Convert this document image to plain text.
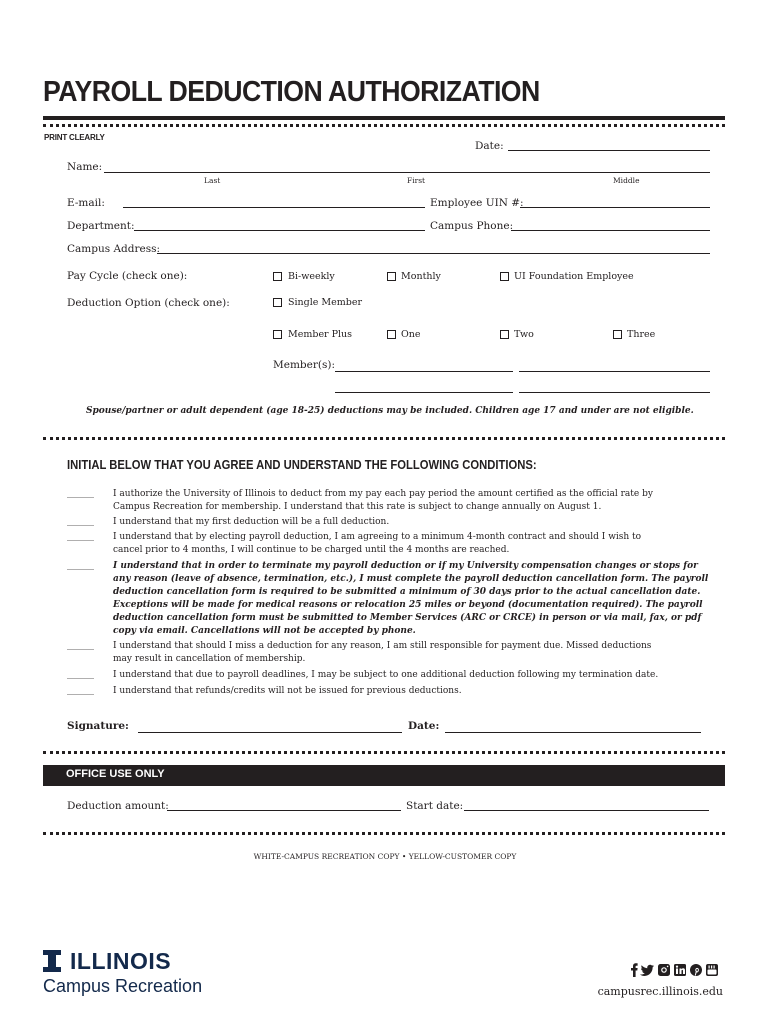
PAYROLL DEDUCTION AUTHORIZATION
PRINT CLEARLY
Date:
Name:
Last	First	Middle
E-mail:	Employee UIN #:
Department:	Campus Phone:
Campus Address:
Pay Cycle (check one):	Bi-weekly	Monthly	UI Foundation Employee
Deduction Option (check one):	Single Member
Member Plus	One	Two	Three
Member(s):
Spouse/partner or adult dependent (age 18-25) deductions may be included. Children age 17 and under are not eligible.
INITIAL BELOW THAT YOU AGREE AND UNDERSTAND THE FOLLOWING CONDITIONS:
______ I authorize the University of Illinois to deduct from my pay each pay period the amount certified as the official rate by Campus Recreation for membership. I understand that this rate is subject to change annually on August 1.
______ I understand that my first deduction will be a full deduction.
______ I understand that by electing payroll deduction, I am agreeing to a minimum 4-month contract and should I wish to cancel prior to 4 months, I will continue to be charged until the 4 months are reached.
______ I understand that in order to terminate my payroll deduction or if my University compensation changes or stops for any reason (leave of absence, termination, etc.), I must complete the payroll deduction cancellation form. The payroll deduction cancellation form is required to be submitted a minimum of 30 days prior to the actual cancellation date. Exceptions will be made for medical reasons or relocation 25 miles or beyond (documentation required). The payroll deduction cancellation form must be submitted to Member Services (ARC or CRCE) in person or via mail, fax, or pdf copy via email. Cancellations will not be accepted by phone.
______ I understand that should I miss a deduction for any reason, I am still responsible for payment due. Missed deductions may result in cancellation of membership.
______ I understand that due to payroll deadlines, I may be subject to one additional deduction following my termination date.
______ I understand that refunds/credits will not be issued for previous deductions.
Signature:	Date:
OFFICE USE ONLY
Deduction amount:	Start date:
WHITE-CAMPUS RECREATION COPY • YELLOW-CUSTOMER COPY
ILLINOIS
Campus Recreation	campusrec.illinois.edu
